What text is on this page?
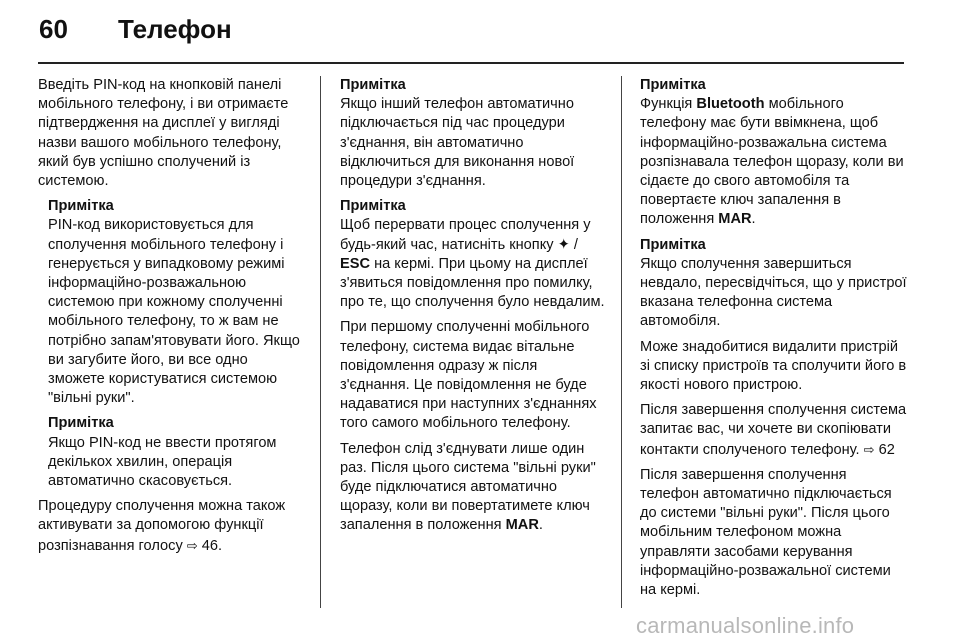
60 Телефон

Введіть PIN-код на кнопковій панелі мобільного телефону, і ви отримаєте підтвердження на дисплеї у вигляді назви вашого мобільного телефону, який був успішно сполучений із системою.

Примітка

PIN-код використовується для сполучення мобільного телефону і генерується у випадковому режимі інформаційно-розважальною системою при кожному сполученні мобільного телефону, то ж вам не потрібно запам'ятовувати його. Якщо ви загубите його, ви все одно зможете користуватися системою "вільні руки".

Примітка

Якщо PIN-код не ввести протягом декількох хвилин, операція автоматично скасовується.

Процедуру сполучення можна також активувати за допомогою функції розпізнавання голосу ⇨ 46.

Примітка

Якщо інший телефон автоматично підключається під час процедури з'єднання, він автоматично відключиться для виконання нової процедури з'єднання.

Примітка

Щоб перервати процес сполучення у будь-який час, натисніть кнопку ✦ / ESC на кермі. При цьому на дисплеї з'явиться повідомлення про помилку, про те, що сполучення було невдалим.

При першому сполученні мобільного телефону, система видає вітальне повідомлення одразу ж після з'єднання. Це повідомлення не буде надаватися при наступних з'єднаннях того самого мобільного телефону.

Телефон слід з'єднувати лише один раз. Після цього система "вільні руки" буде підключатися автоматично щоразу, коли ви повертатимете ключ запалення в положення MAR.

Примітка

Функція Bluetooth мобільного телефону має бути ввімкнена, щоб інформаційно-розважальна система розпізнавала телефон щоразу, коли ви сідаєте до свого автомобіля та повертаєте ключ запалення в положення MAR.

Примітка

Якщо сполучення завершиться невдало, пересвідчіться, що у пристрої вказана телефонна система автомобіля.

Може знадобитися видалити пристрій зі списку пристроїв та сполучити його в якості нового пристрою.

Після завершення сполучення система запитає вас, чи хочете ви скопіювати контакти сполученого телефону. ⇨ 62

Після завершення сполучення телефон автоматично підключається до системи "вільні руки". Після цього мобільним телефоном можна управляти засобами керування інформаційно-розважальної системи на кермі.

carmanualsonline.info
